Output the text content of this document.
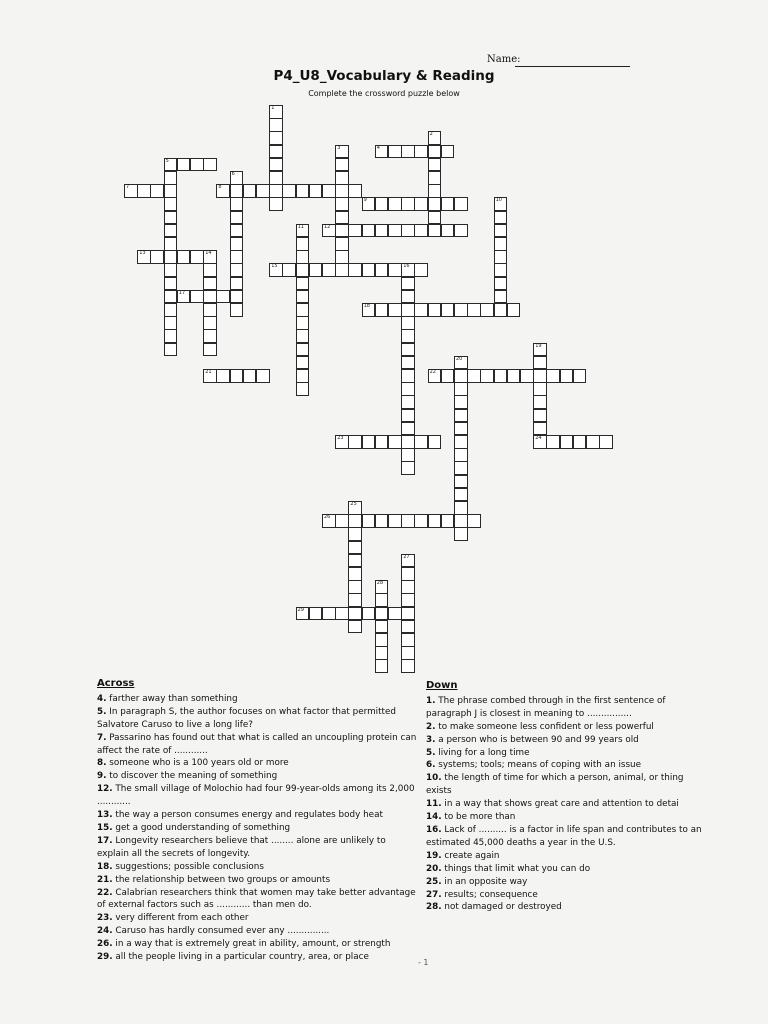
Name:
P4_U8_Vocabulary & Reading
Complete the crossword puzzle below
1
2
3	4
5
6
7	8
9	10
11	12
13	14
15	16
17
18
19
24
20
21	22
23
25
26
27
28
29
Across
4. farther away than something
5. In paragraph S, the author focuses on what factor that permitted Salvatore Caruso to live a long life?
7. Passarino has found out that what is called an uncoupling protein can affect the rate of ............
8. someone who is a 100 years old or more
9. to discover the meaning of something
12. The small village of Molochio had four 99-year-olds among its 2,000 ............
13. the way a person consumes energy and regulates body heat
15. get a good understanding of something
17. Longevity researchers believe that ........ alone are unlikely to explain all the secrets of longevity.
18. suggestions; possible conclusions
21. the relationship between two groups or amounts
22. Calabrian researchers think that women may take better advantage of external factors such as ............ than men do.
23. very different from each other
24. Caruso has hardly consumed ever any ...............
26. in a way that is extremely great in ability, amount, or strength
29. all the people living in a particular country, area, or place
Down
1. The phrase combed through in the first sentence of paragraph J is closest in meaning to ................
2. to make someone less confident or less powerful
3. a person who is between 90 and 99 years old
5. living for a long time
6. systems; tools; means of coping with an issue
10. the length of time for which a person, animal, or thing exists
11. in a way that shows great care and attention to detai
14. to be more than
16. Lack of .......... is a factor in life span and contributes to an estimated 45,000 deaths a year in the U.S.
19. create again
20. things that limit what you can do
25. in an opposite way
27. results; consequence
28. not damaged or destroyed
- 1
